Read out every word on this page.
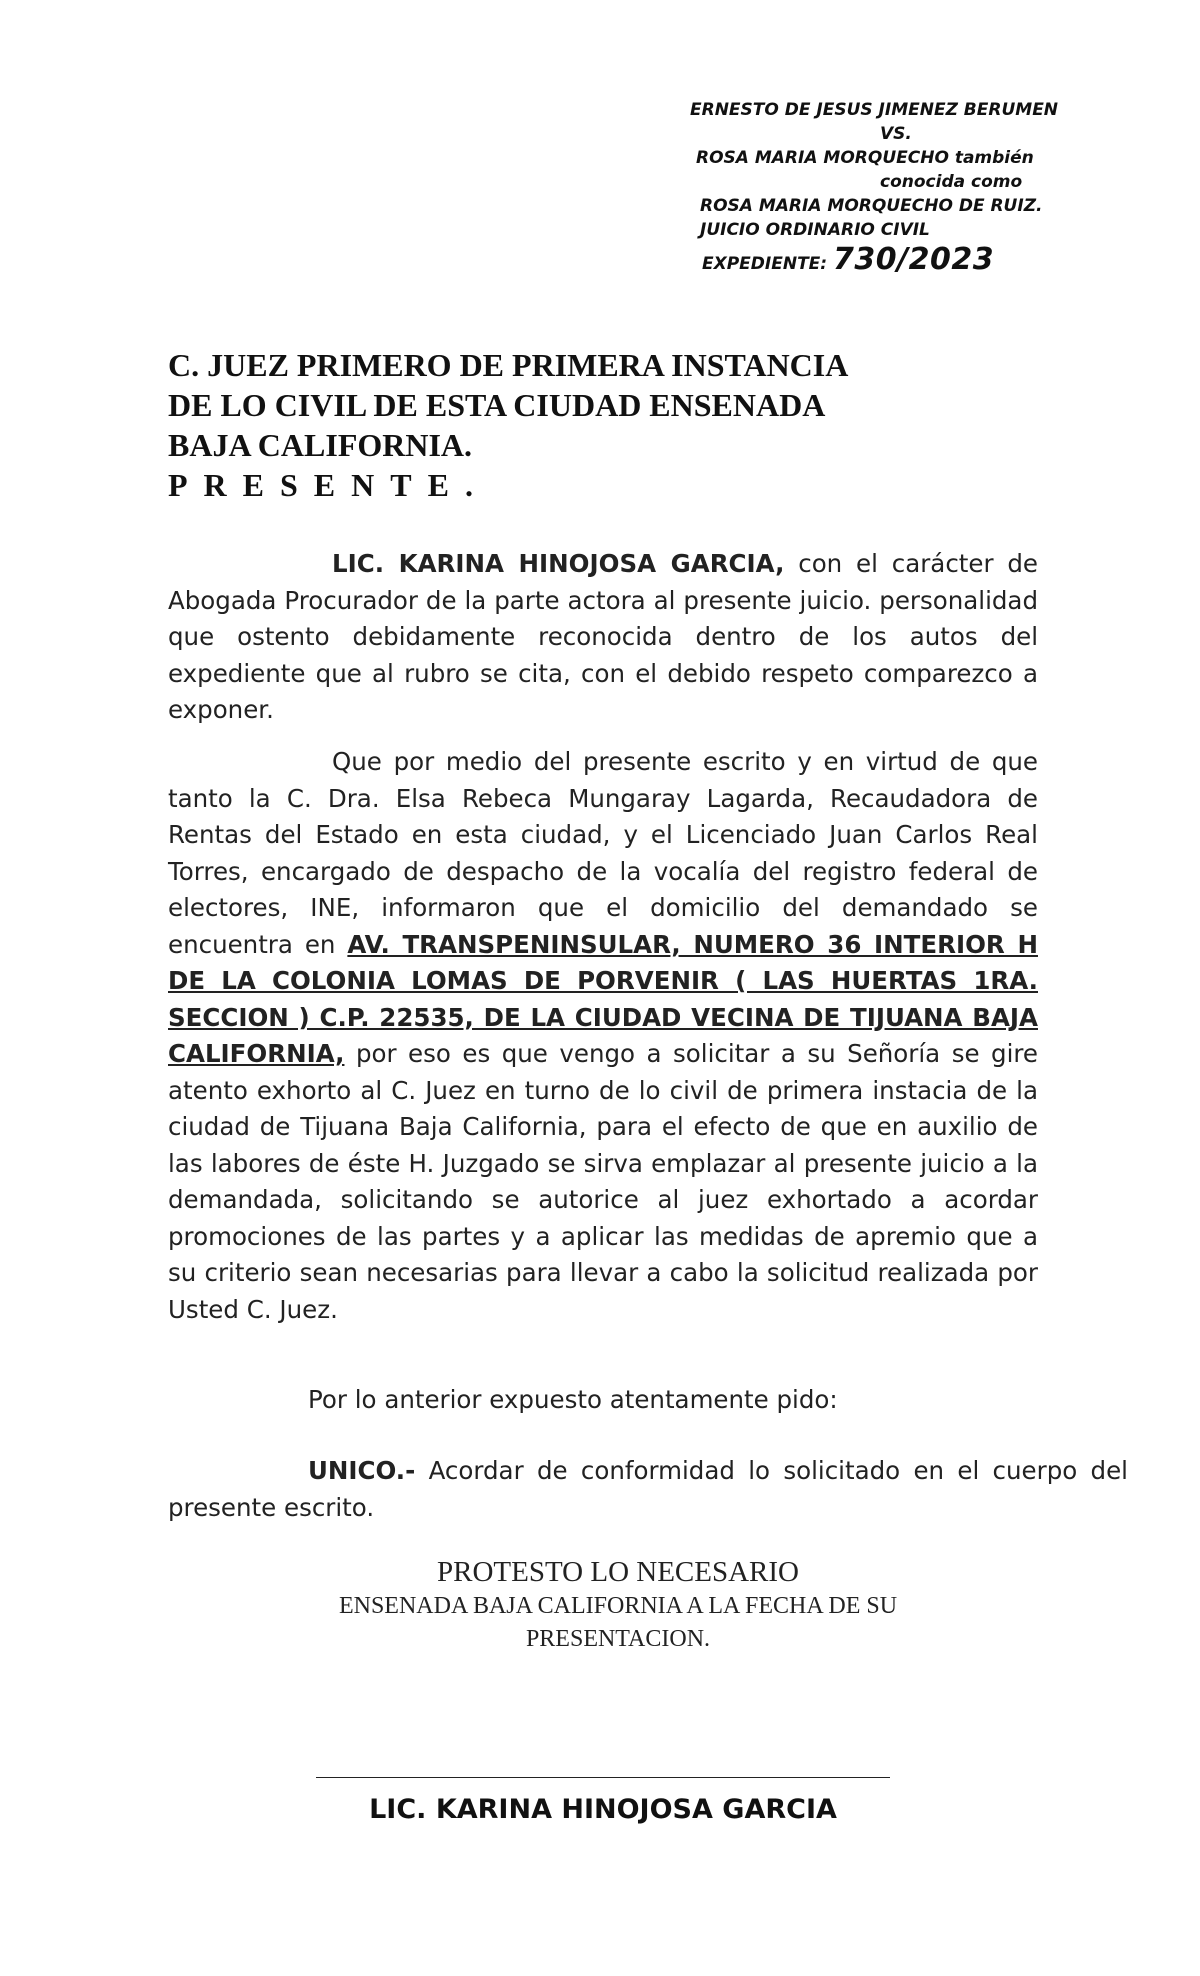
ERNESTO DE JESUS JIMENEZ BERUMEN
VS.
ROSA MARIA MORQUECHO también
conocida como
ROSA MARIA MORQUECHO DE RUIZ.
JUICIO ORDINARIO CIVIL
EXPEDIENTE: 730/2023
C. JUEZ PRIMERO DE PRIMERA INSTANCIA
DE LO CIVIL DE ESTA CIUDAD ENSENADA
BAJA CALIFORNIA.
PRESENTE.
LIC. KARINA HINOJOSA GARCIA, con el carácter de Abogada Procurador de la parte actora al presente juicio. personalidad que ostento debidamente reconocida dentro de los autos del expediente que al rubro se cita, con el debido respeto comparezco a exponer.
Que por medio del presente escrito y en virtud de que tanto la C. Dra. Elsa Rebeca Mungaray Lagarda, Recaudadora de Rentas del Estado en esta ciudad, y el Licenciado Juan Carlos Real Torres, encargado de despacho de la vocalía del registro federal de electores, INE, informaron que el domicilio del demandado se encuentra en AV. TRANSPENINSULAR, NUMERO 36 INTERIOR H DE LA COLONIA LOMAS DE PORVENIR ( LAS HUERTAS 1RA. SECCION ) C.P. 22535, DE LA CIUDAD VECINA DE TIJUANA BAJA CALIFORNIA, por eso es que vengo a solicitar a su Señoría se gire atento exhorto al C. Juez en turno de lo civil de primera instacia de la ciudad de Tijuana Baja California, para el efecto de que en auxilio de las labores de éste H. Juzgado se sirva emplazar al presente juicio a la demandada, solicitando se autorice al juez exhortado a acordar promociones de las partes y a aplicar las medidas de apremio que a su criterio sean necesarias para llevar a cabo la solicitud realizada por Usted C. Juez.
Por lo anterior expuesto atentamente pido:
UNICO.- Acordar de conformidad lo solicitado en el cuerpo del presente escrito.
PROTESTO LO NECESARIO
ENSENADA BAJA CALIFORNIA A LA FECHA DE SU
PRESENTACION.
LIC. KARINA HINOJOSA GARCIA
